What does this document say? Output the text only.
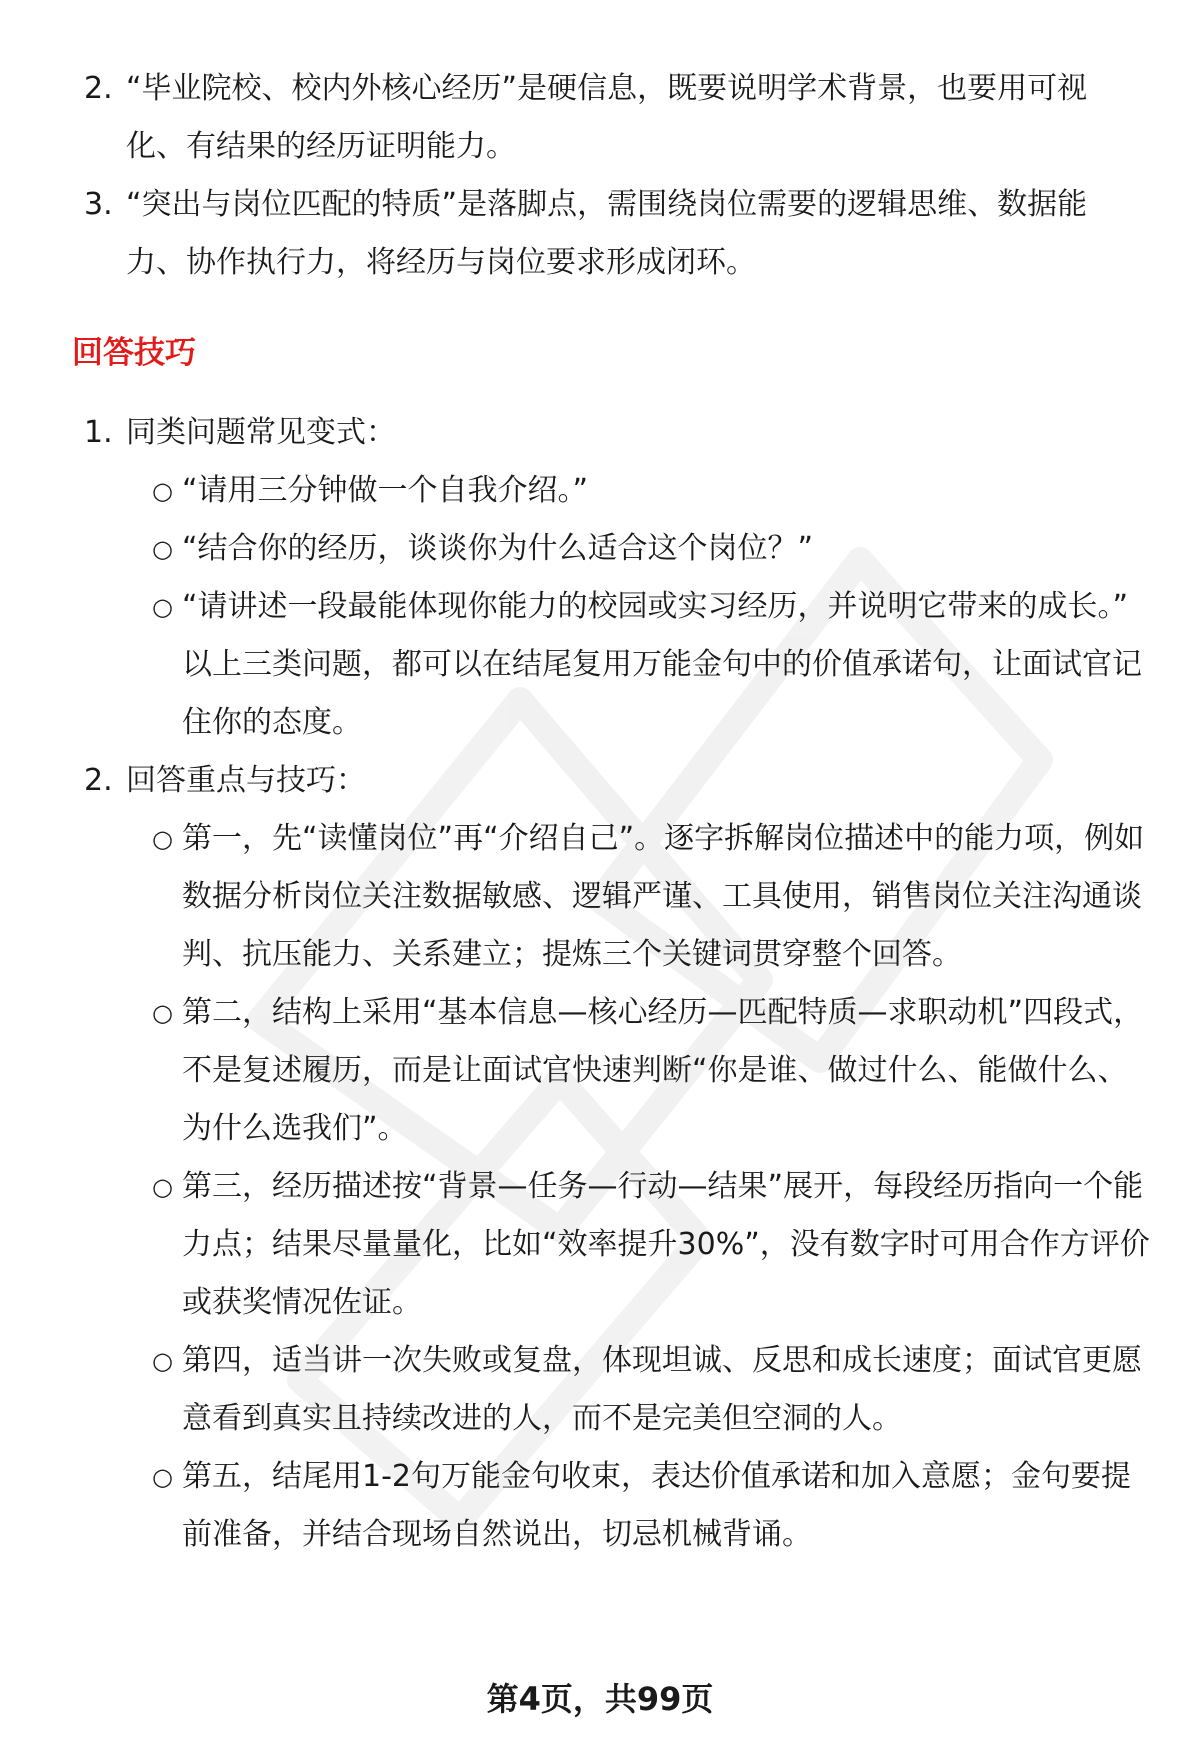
2. “毕业院校、校内外核心经历”是硬信息，既要说明学术背景，也要用可视化、有结果的经历证明能力。
3. “突出与岗位匹配的特质”是落脚点，需围绕岗位需要的逻辑思维、数据能力、协作执行力，将经历与岗位要求形成闭环。
回答技巧
1. 同类问题常见变式：
○ “请用三分钟做一个自我介绍。”
○ “结合你的经历，谈谈你为什么适合这个岗位？”
○ “请讲述一段最能体现你能力的校园或实习经历，并说明它带来的成长。”
以上三类问题，都可以在结尾复用万能金句中的价值承诺句，让面试官记住你的态度。
2. 回答重点与技巧：
○ 第一，先“读懂岗位”再“介绍自己”。逐字拆解岗位描述中的能力项，例如数据分析岗位关注数据敏感、逻辑严谨、工具使用，销售岗位关注沟通谈判、抗压能力、关系建立；提炼三个关键词贯穿整个回答。
○ 第二，结构上采用“基本信息—核心经历—匹配特质—求职动机”四段式，不是复述履历，而是让面试官快速判断“你是谁、做过什么、能做什么、为什么选我们”。
○ 第三，经历描述按“背景—任务—行动—结果”展开，每段经历指向一个能力点；结果尽量量化，比如“效率提升30%”，没有数字时可用合作方评价或获奖情况佐证。
○ 第四，适当讲一次失败或复盘，体现坦诚、反思和成长速度；面试官更愿意看到真实且持续改进的人，而不是完美但空洞的人。
○ 第五，结尾用1-2句万能金句收束，表达价值承诺和加入意愿；金句要提前准备，并结合现场自然说出，切忌机械背诵。
第4页，共99页
